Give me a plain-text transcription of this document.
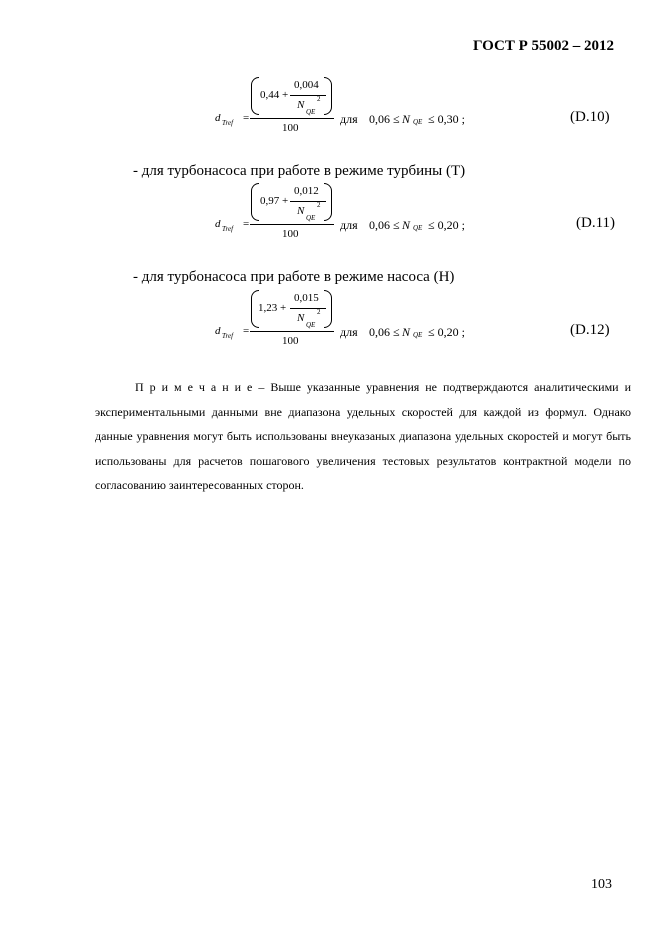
ГОСТ Р 55002 – 2012
d Tref =
0,44 +
0,004
N
QE
2
100
для 0,06 ≤ N QE ≤ 0,30 ;	(D.10)
- для турбонасоса при работе в режиме турбины (Т)
d Tref =
0,97 +
0,012
N
QE
2
100
для 0,06 ≤ N QE ≤ 0,20 ;	(D.11)
- для турбонасоса при работе в режиме насоса (Н)
d Tref =
1,23 +
0,015
N
QE
2
100
для 0,06 ≤ N QE ≤ 0,20 ;	(D.12)
П р и м е ч а н и е – Выше указанные уравнения не подтверждаются аналитическими и экспериментальными данными вне диапазона удельных скоростей для каждой из формул. Однако данные уравнения могут быть использованы внеуказаных диапазона удельных скоростей и могут быть использованы для расчетов пошагового увеличения тестовых результатов контрактной модели по согласованию заинтересованных сторон.
103
